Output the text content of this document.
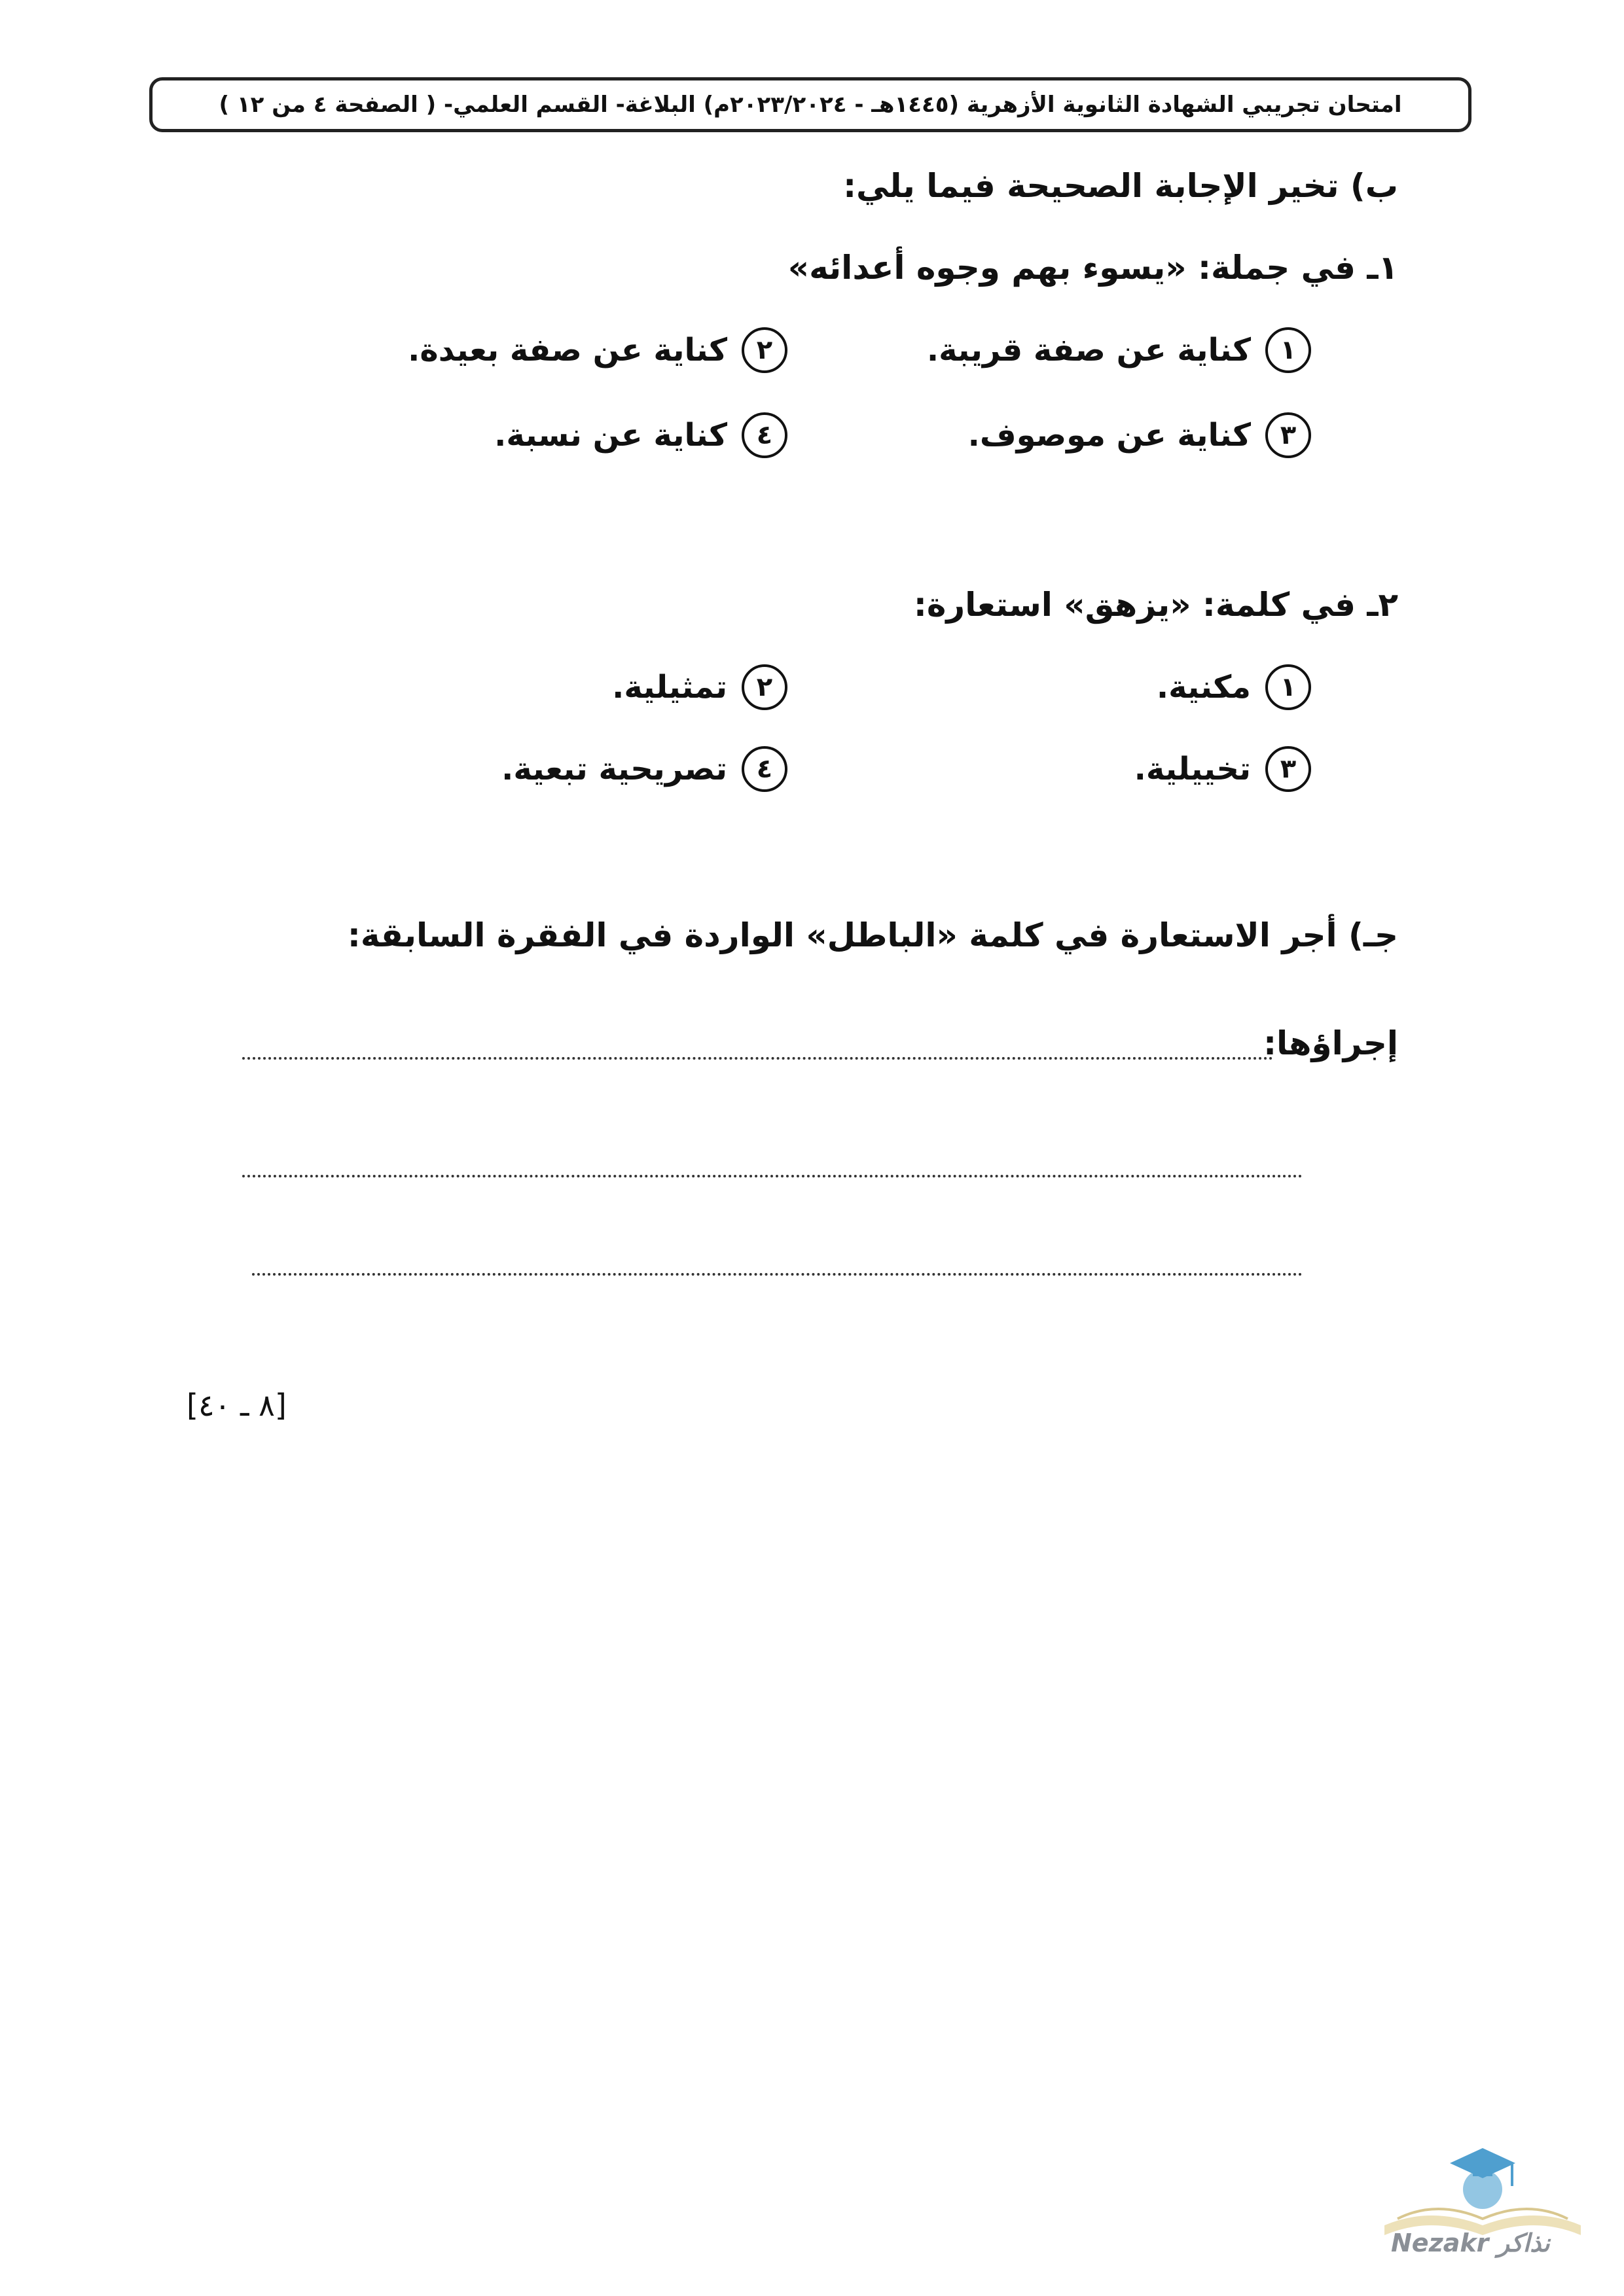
امتحان تجريبي الشهادة الثانوية الأزهرية (١٤٤٥هـ - ٢٠٢٣/٢٠٢٤م) البلاغة- القسم العلمي- ( الصفحة ٤ من ١٢ )
ب) تخير الإجابة الصحيحة فيما يلي:
١ـ في جملة: «يسوء بهم وجوه أعدائه»
١
كناية عن صفة قريبة.
٢
كناية عن صفة بعيدة.
٣
كناية عن موصوف.
٤
كناية عن نسبة.
٢ـ في كلمة: «يزهق» استعارة:
١
مكنية.
٢
تمثيلية.
٣
تخييلية.
٤
تصريحية تبعية.
جـ) أجر الاستعارة في كلمة «الباطل» الواردة في الفقرة السابقة:
إجراؤها:
[٨ ـ ٤٠]
Nezakr نذاكر
